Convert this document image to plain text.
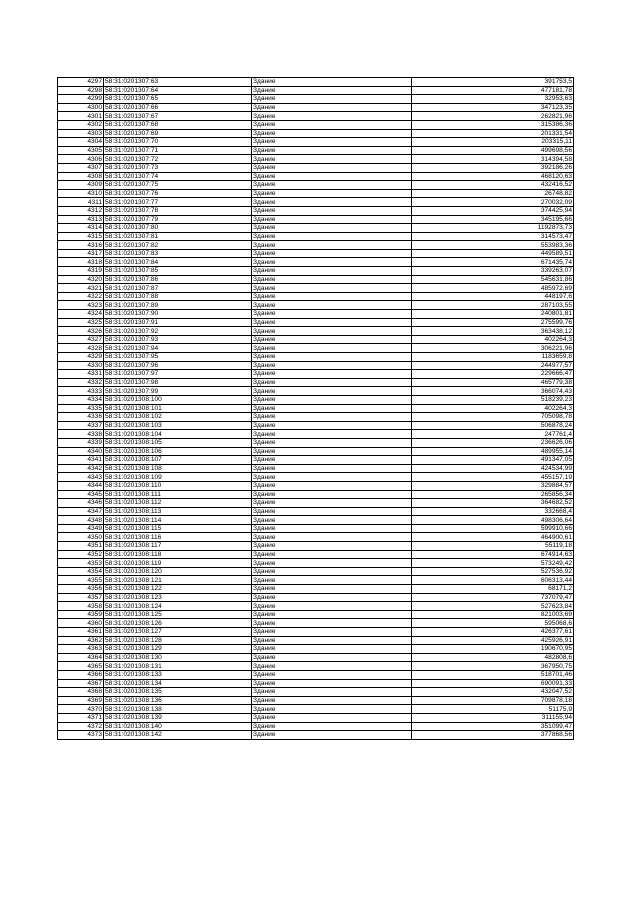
4297	58:31:0201307:63	Здание	391753,5
4298	58:31:0201307:64	Здание	477181,78
4299	58:31:0201307:65	Здание	32953,63
4300	58:31:0201307:66	Здание	347123,35
4301	58:31:0201307:67	Здание	262821,96
4302	58:31:0201307:68	Здание	315386,36
4303	58:31:0201307:69	Здание	201331,54
4304	58:31:0201307:70	Здание	203315,11
4305	58:31:0201307:71	Здание	499698,56
4306	58:31:0201307:72	Здание	314394,58
4307	58:31:0201307:73	Здание	392186,26
4308	58:31:0201307:74	Здание	468120,63
4309	58:31:0201307:75	Здание	432416,52
4310	58:31:0201307:76	Здание	26748,82
4311	58:31:0201307:77	Здание	270032,09
4312	58:31:0201307:78	Здание	374425,94
4313	58:31:0201307:79	Здание	345195,66
4314	58:31:0201307:80	Здание	1192873,73
4315	58:31:0201307:81	Здание	314573,47
4316	58:31:0201307:82	Здание	553983,36
4317	58:31:0201307:83	Здание	449589,51
4318	58:31:0201307:84	Здание	671435,74
4319	58:31:0201307:85	Здание	339263,07
4320	58:31:0201307:86	Здание	545631,86
4321	58:31:0201307:87	Здание	485972,69
4322	58:31:0201307:88	Здание	448197,6
4323	58:31:0201307:89	Здание	287103,55
4324	58:31:0201307:90	Здание	240801,81
4325	58:31:0201307:91	Здание	275599,76
4326	58:31:0201307:92	Здание	363438,12
4327	58:31:0201307:93	Здание	402264,3
4328	58:31:0201307:94	Здание	306221,96
4329	58:31:0201307:95	Здание	1183659,8
4330	58:31:0201307:96	Здание	244977,57
4331	58:31:0201307:97	Здание	229666,47
4332	58:31:0201307:98	Здание	465779,38
4333	58:31:0201307:99	Здание	366074,43
4334	58:31:0201308:100	Здание	518239,23
4335	58:31:0201308:101	Здание	402264,3
4336	58:31:0201308:102	Здание	705098,78
4337	58:31:0201308:103	Здание	506878,24
4338	58:31:0201308:104	Здание	247761,4
4339	58:31:0201308:105	Здание	236626,06
4340	58:31:0201308:106	Здание	489955,14
4341	58:31:0201308:107	Здание	491347,05
4342	58:31:0201308:108	Здание	424534,99
4343	58:31:0201308:109	Здание	455157,19
4344	58:31:0201308:110	Здание	329884,57
4345	58:31:0201308:111	Здание	265856,34
4346	58:31:0201308:112	Здание	364682,52
4347	58:31:0201308:113	Здание	332668,4
4348	58:31:0201308:114	Здание	498306,64
4349	58:31:0201308:115	Здание	599910,66
4350	58:31:0201308:116	Здание	464900,61
4351	58:31:0201308:117	Здание	55119,18
4352	58:31:0201308:118	Здание	674914,63
4353	58:31:0201308:119	Здание	573249,42
4354	58:31:0201308:120	Здание	527536,92
4355	58:31:0201308:121	Здание	606313,44
4356	58:31:0201308:122	Здание	68171,2
4357	58:31:0201308:123	Здание	737079,47
4358	58:31:0201308:124	Здание	527623,84
4359	58:31:0201308:125	Здание	821003,69
4360	58:31:0201308:126	Здание	595068,6
4361	58:31:0201308:127	Здание	426377,61
4362	58:31:0201308:128	Здание	425926,91
4363	58:31:0201308:129	Здание	190670,95
4364	58:31:0201308:130	Здание	482808,6
4365	58:31:0201308:131	Здание	367950,75
4366	58:31:0201308:133	Здание	518701,46
4367	58:31:0201308:134	Здание	690091,33
4368	58:31:0201308:135	Здание	432047,52
4369	58:31:0201308:136	Здание	709878,18
4370	58:31:0201308:138	Здание	51175,9
4371	58:31:0201308:139	Здание	311155,94
4372	58:31:0201308:140	Здание	351099,47
4373	58:31:0201308:142	Здание	377868,56
